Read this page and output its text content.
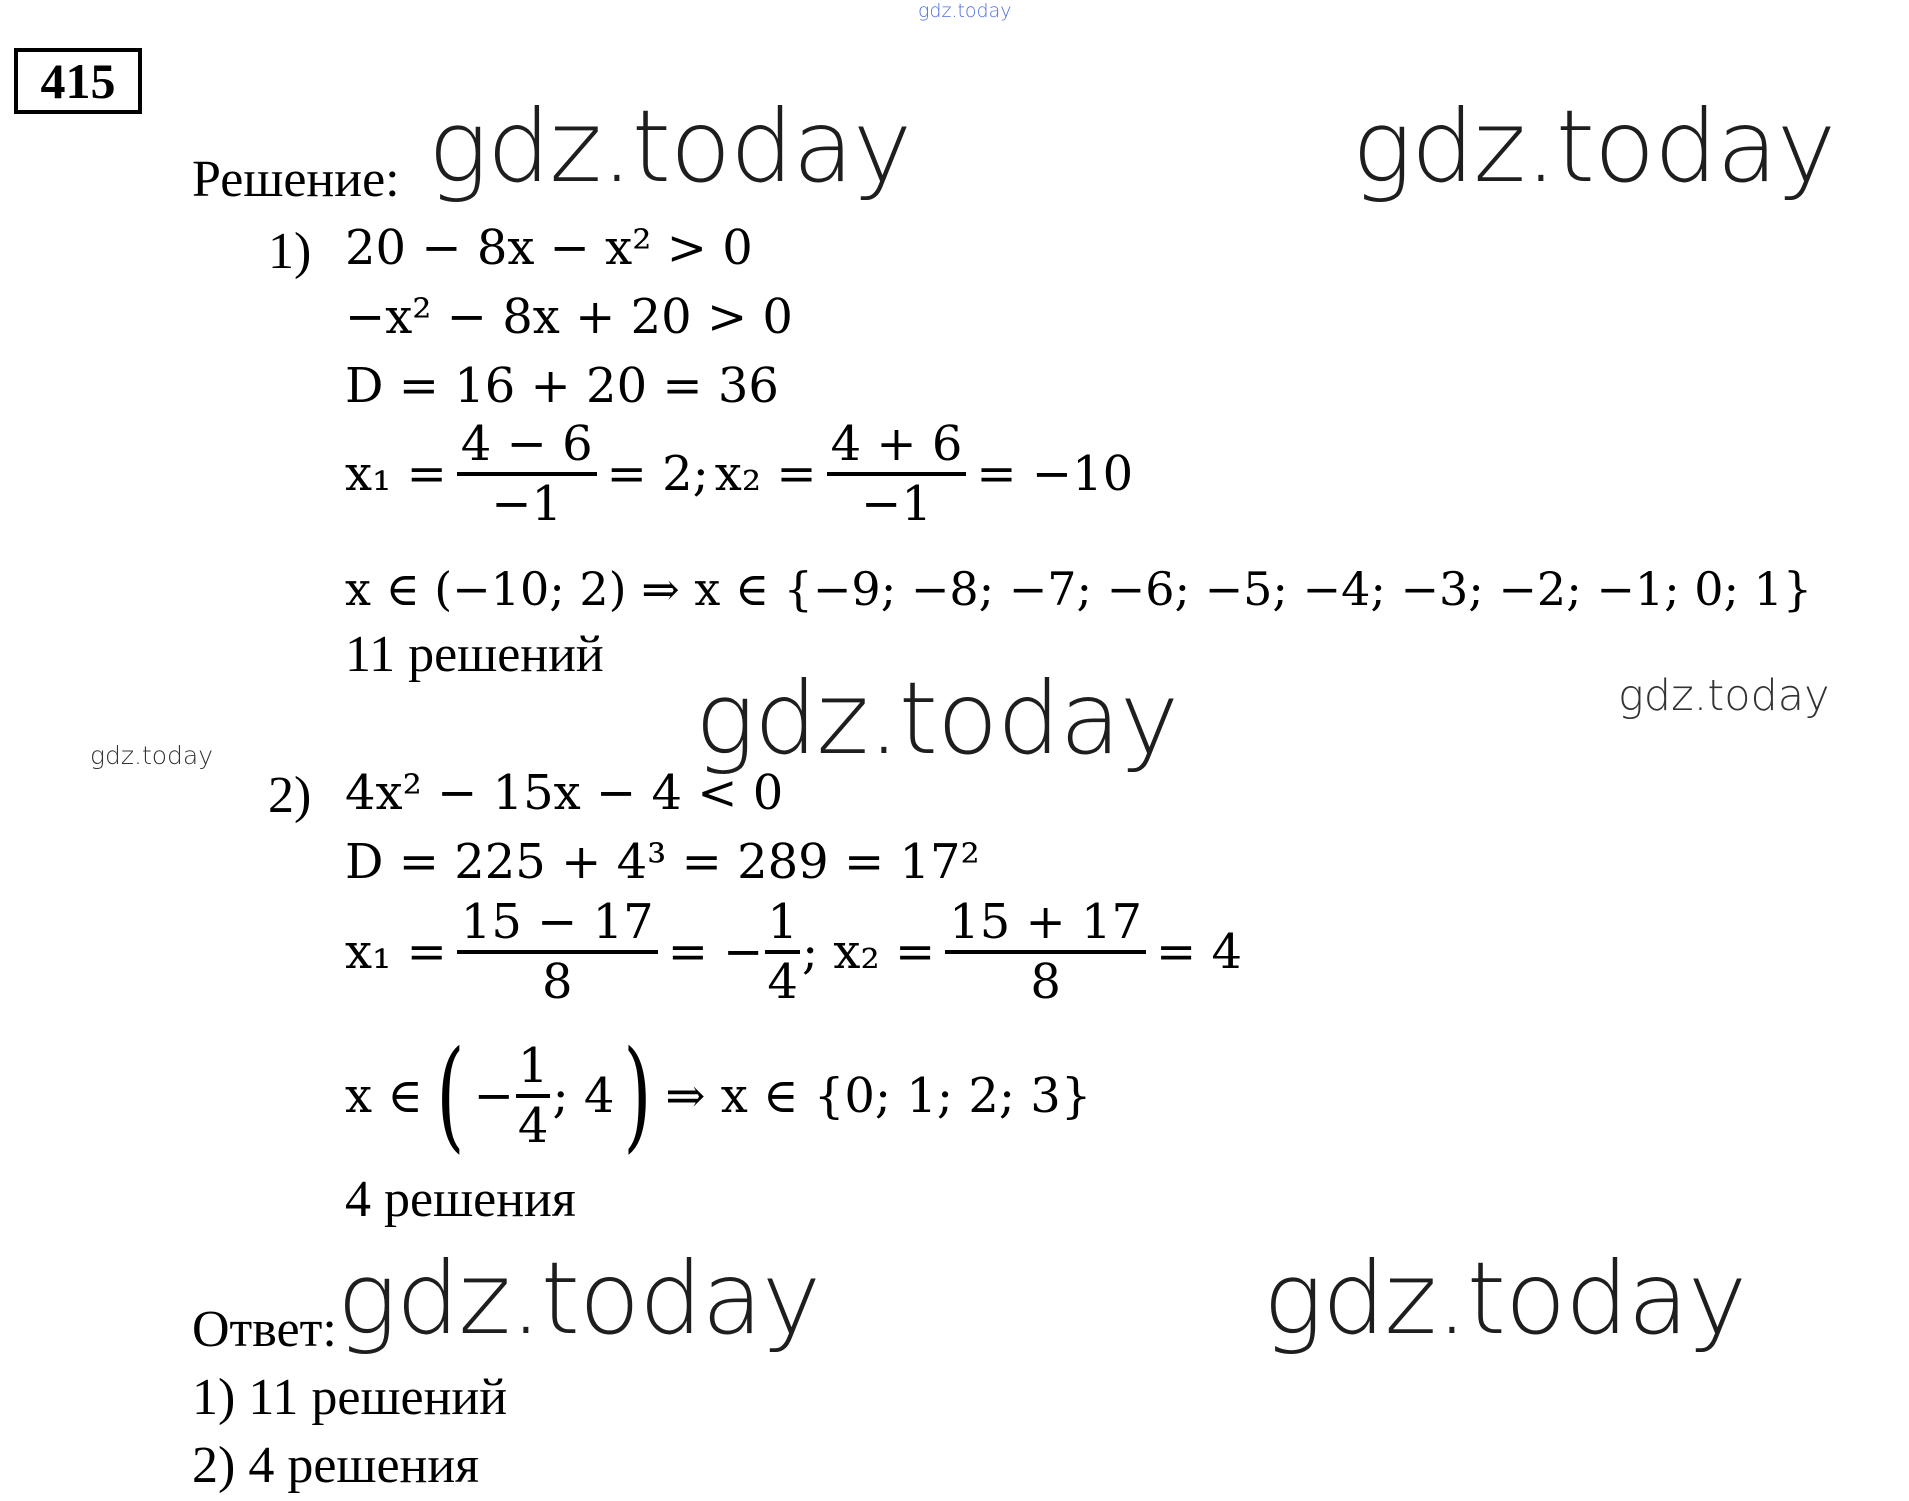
gdz.today
gdz.today	gdz.today
gdz.today	gdz.today
gdz.today
gdz.today	gdz.today
415
Решение:
1) 20 − 8x − x² > 0
−x² − 8x + 20 > 0
D = 16 + 20 = 36
$x_1 = \frac{4 - 6}{-1} = 2$; $x_2 = \frac{4 + 6}{-1} = -10$
x ∈ (−10; 2) ⇒ x ∈ {−9; −8; −7; −6; −5; −4; −3; −2; −1; 0; 1}
11 решений
2) 4x² − 15x − 4 < 0
D = 225 + 4³ = 289 = 17²
$x_1 = \frac{15 - 17}{8}$ = − $\frac{1}{4}$ ; $x_2 = \frac{15 + 17}{8} = 4$
x ∈ ( − $\frac{1}{4}$ ; 4 ) ⇒ x ∈ {0; 1; 2; 3}
4 решения
Ответ:
1) 11 решений
2) 4 решения
